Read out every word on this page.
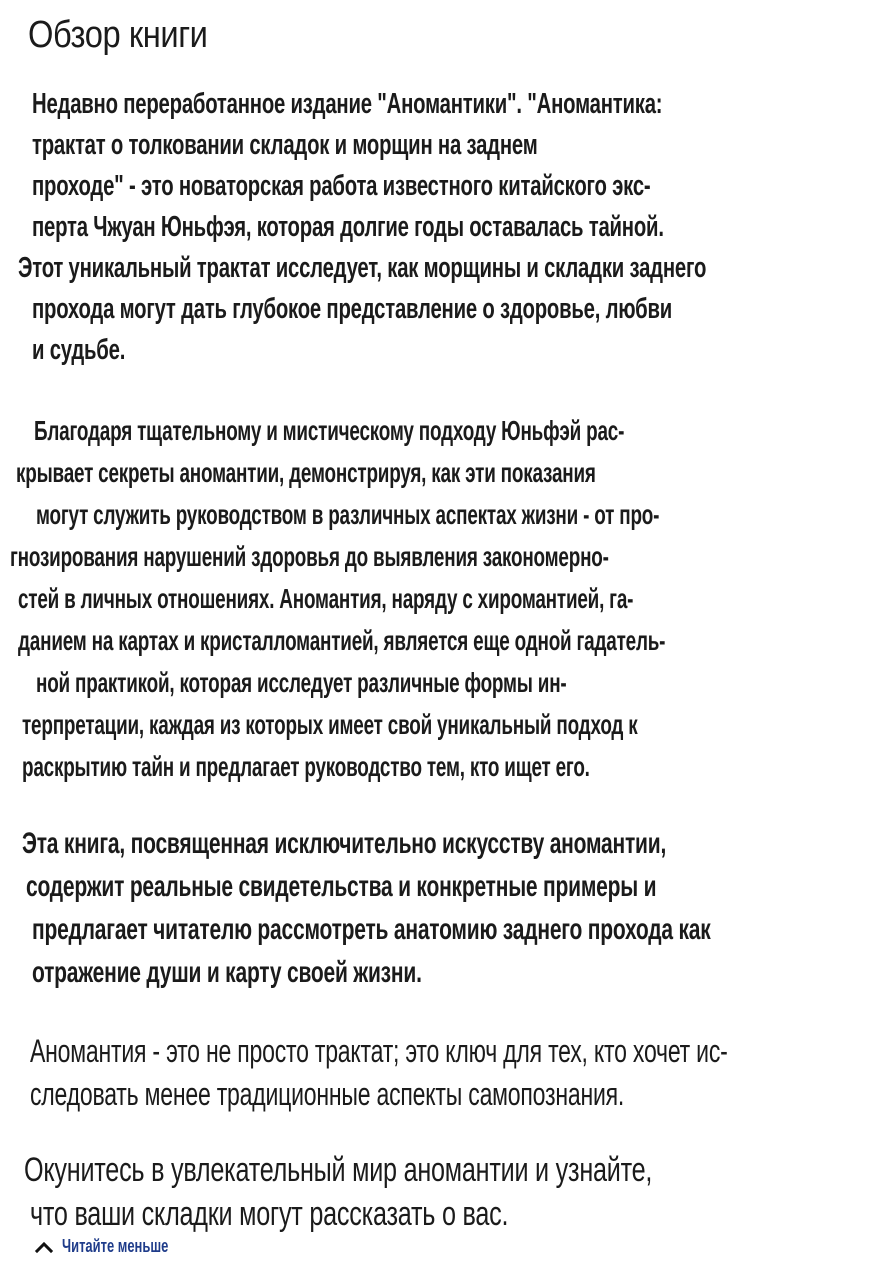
Обзор книги
Недавно переработанное издание "Аномантики". "Аномантика:
трактат о толковании складок и морщин на заднем
проходе" - это новаторская работа известного китайского экс-
перта Чжуан Юньфэя, которая долгие годы оставалась тайной.
Этот уникальный трактат исследует, как морщины и складки заднего
прохода могут дать глубокое представление о здоровье, любви
и судьбе.
Благодаря тщательному и мистическому подходу Юньфэй рас-
крывает секреты аномантии, демонстрируя, как эти показания
могут служить руководством в различных аспектах жизни - от про-
гнозирования нарушений здоровья до выявления закономерно-
стей в личных отношениях. Аномантия, наряду с хиромантией, га-
данием на картах и кристалломантией, является еще одной гадатель-
ной практикой, которая исследует различные формы ин-
терпретации, каждая из которых имеет свой уникальный подход к
раскрытию тайн и предлагает руководство тем, кто ищет его.
Эта книга, посвященная исключительно искусству аномантии,
содержит реальные свидетельства и конкретные примеры и
предлагает читателю рассмотреть анатомию заднего прохода как
отражение души и карту своей жизни.
Аномантия - это не просто трактат; это ключ для тех, кто хочет ис-
следовать менее традиционные аспекты самопознания.
Окунитесь в увлекательный мир аномантии и узнайте,
что ваши складки могут рассказать о вас.
Читайте меньше
